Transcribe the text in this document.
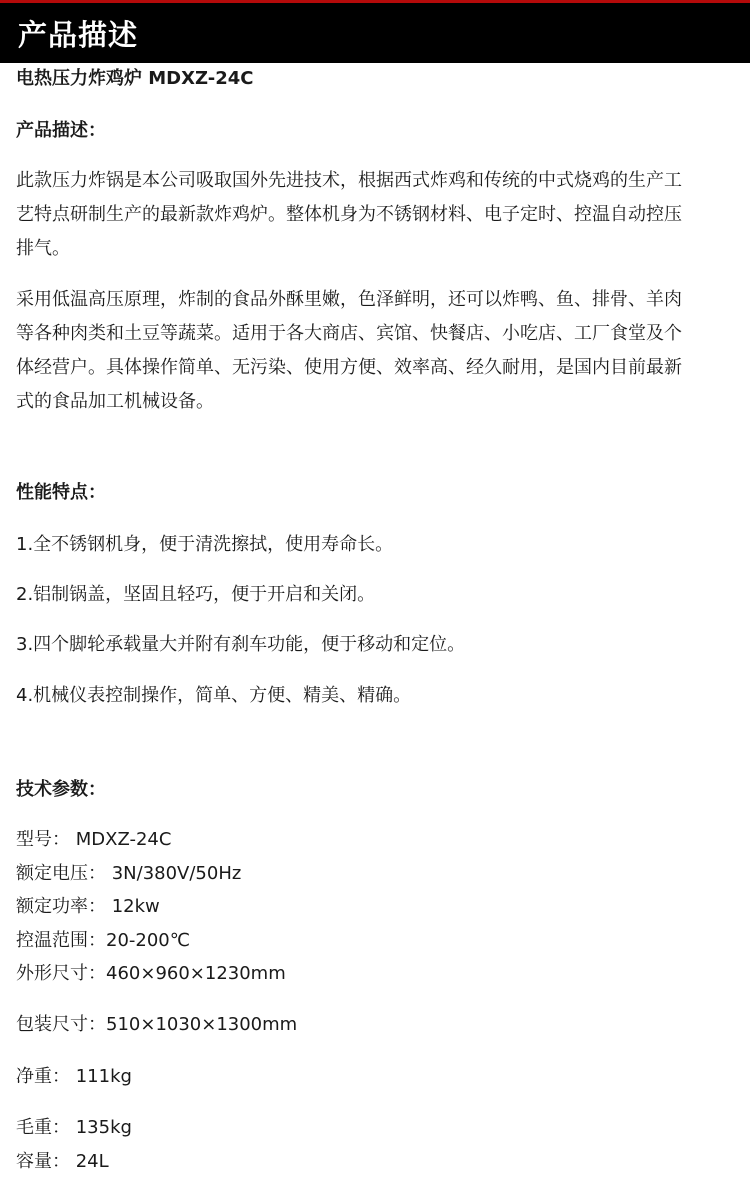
产品描述
电热压力炸鸡炉 MDXZ-24C
产品描述：
此款压力炸锅是本公司吸取国外先进技术，根据西式炸鸡和传统的中式烧鸡的生产工
艺特点研制生产的最新款炸鸡炉。整体机身为不锈钢材料、电子定时、控温自动控压
排气。
采用低温高压原理，炸制的食品外酥里嫩，色泽鲜明，还可以炸鸭、鱼、排骨、羊肉
等各种肉类和土豆等蔬菜。适用于各大商店、宾馆、快餐店、小吃店、工厂食堂及个
体经营户。具体操作简单、无污染、使用方便、效率高、经久耐用，是国内目前最新
式的食品加工机械设备。
性能特点：
1.全不锈钢机身，便于清洗擦拭，使用寿命长。
2.铝制锅盖，坚固且轻巧，便于开启和关闭。
3.四个脚轮承载量大并附有刹车功能，便于移动和定位。
4.机械仪表控制操作，简单、方便、精美、精确。
技术参数：
型号： MDXZ-24C
额定电压： 3N/380V/50Hz
额定功率： 12kw
控温范围：20-200℃
外形尺寸：460×960×1230mm
包装尺寸：510×1030×1300mm
净重： 111kg
毛重： 135kg
容量： 24L
